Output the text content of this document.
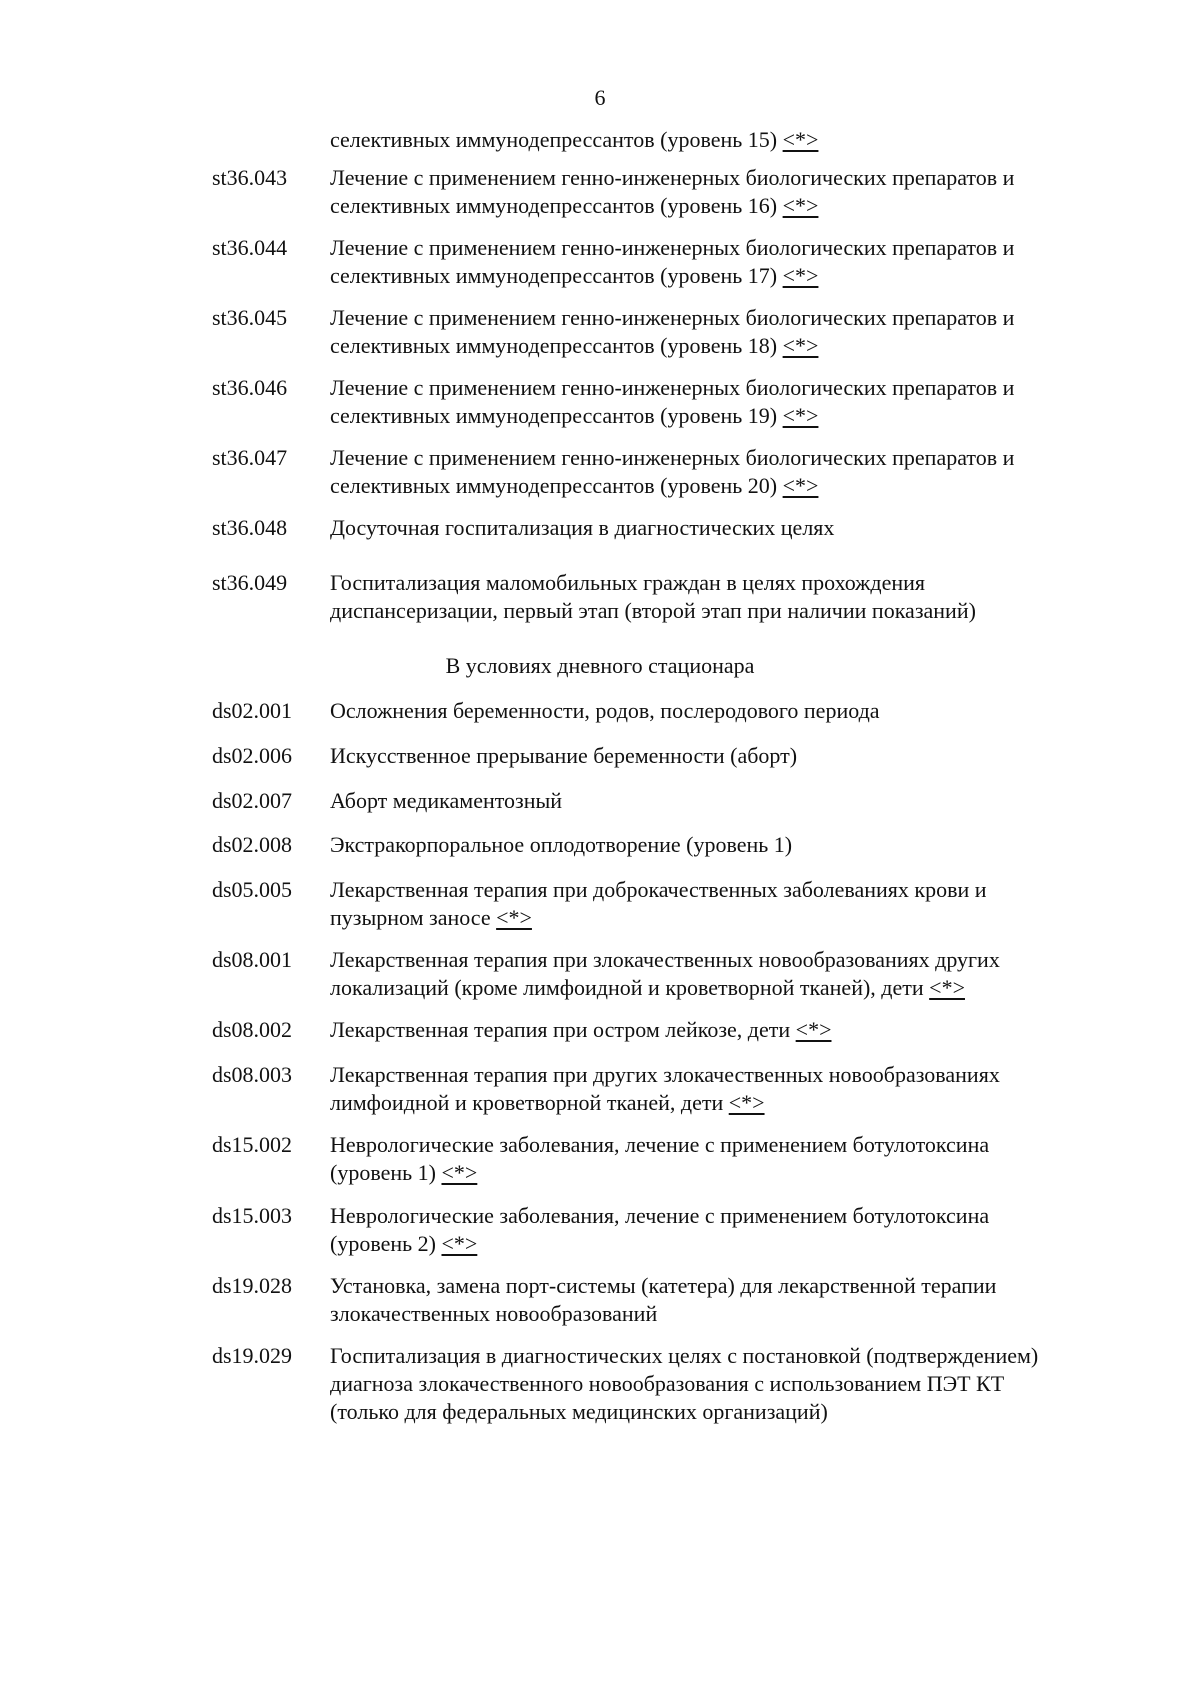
6
селективных иммунодепрессантов (уровень 15) <*>
st36.043	Лечение с применением генно-инженерных биологических препаратов и
селективных иммунодепрессантов (уровень 16) <*>
st36.044	Лечение с применением генно-инженерных биологических препаратов и
селективных иммунодепрессантов (уровень 17) <*>
st36.045	Лечение с применением генно-инженерных биологических препаратов и
селективных иммунодепрессантов (уровень 18) <*>
st36.046	Лечение с применением генно-инженерных биологических препаратов и
селективных иммунодепрессантов (уровень 19) <*>
st36.047	Лечение с применением генно-инженерных биологических препаратов и
селективных иммунодепрессантов (уровень 20) <*>
st36.048	Досуточная госпитализация в диагностических целях
st36.049	Госпитализация маломобильных граждан в целях прохождения
диспансеризации, первый этап (второй этап при наличии показаний)
В условиях дневного стационара
ds02.001	Осложнения беременности, родов, послеродового периода
ds02.006	Искусственное прерывание беременности (аборт)
ds02.007	Аборт медикаментозный
ds02.008	Экстракорпоральное оплодотворение (уровень 1)
ds05.005	Лекарственная терапия при доброкачественных заболеваниях крови и
пузырном заносе <*>
ds08.001	Лекарственная терапия при злокачественных новообразованиях других
локализаций (кроме лимфоидной и кроветворной тканей), дети <*>
ds08.002	Лекарственная терапия при остром лейкозе, дети <*>
ds08.003	Лекарственная терапия при других злокачественных новообразованиях
лимфоидной и кроветворной тканей, дети <*>
ds15.002	Неврологические заболевания, лечение с применением ботулотоксина
(уровень 1) <*>
ds15.003	Неврологические заболевания, лечение с применением ботулотоксина
(уровень 2) <*>
ds19.028	Установка, замена порт-системы (катетера) для лекарственной терапии
злокачественных новообразований
ds19.029	Госпитализация в диагностических целях с постановкой (подтверждением)
диагноза злокачественного новообразования с использованием ПЭТ КТ
(только для федеральных медицинских организаций)
